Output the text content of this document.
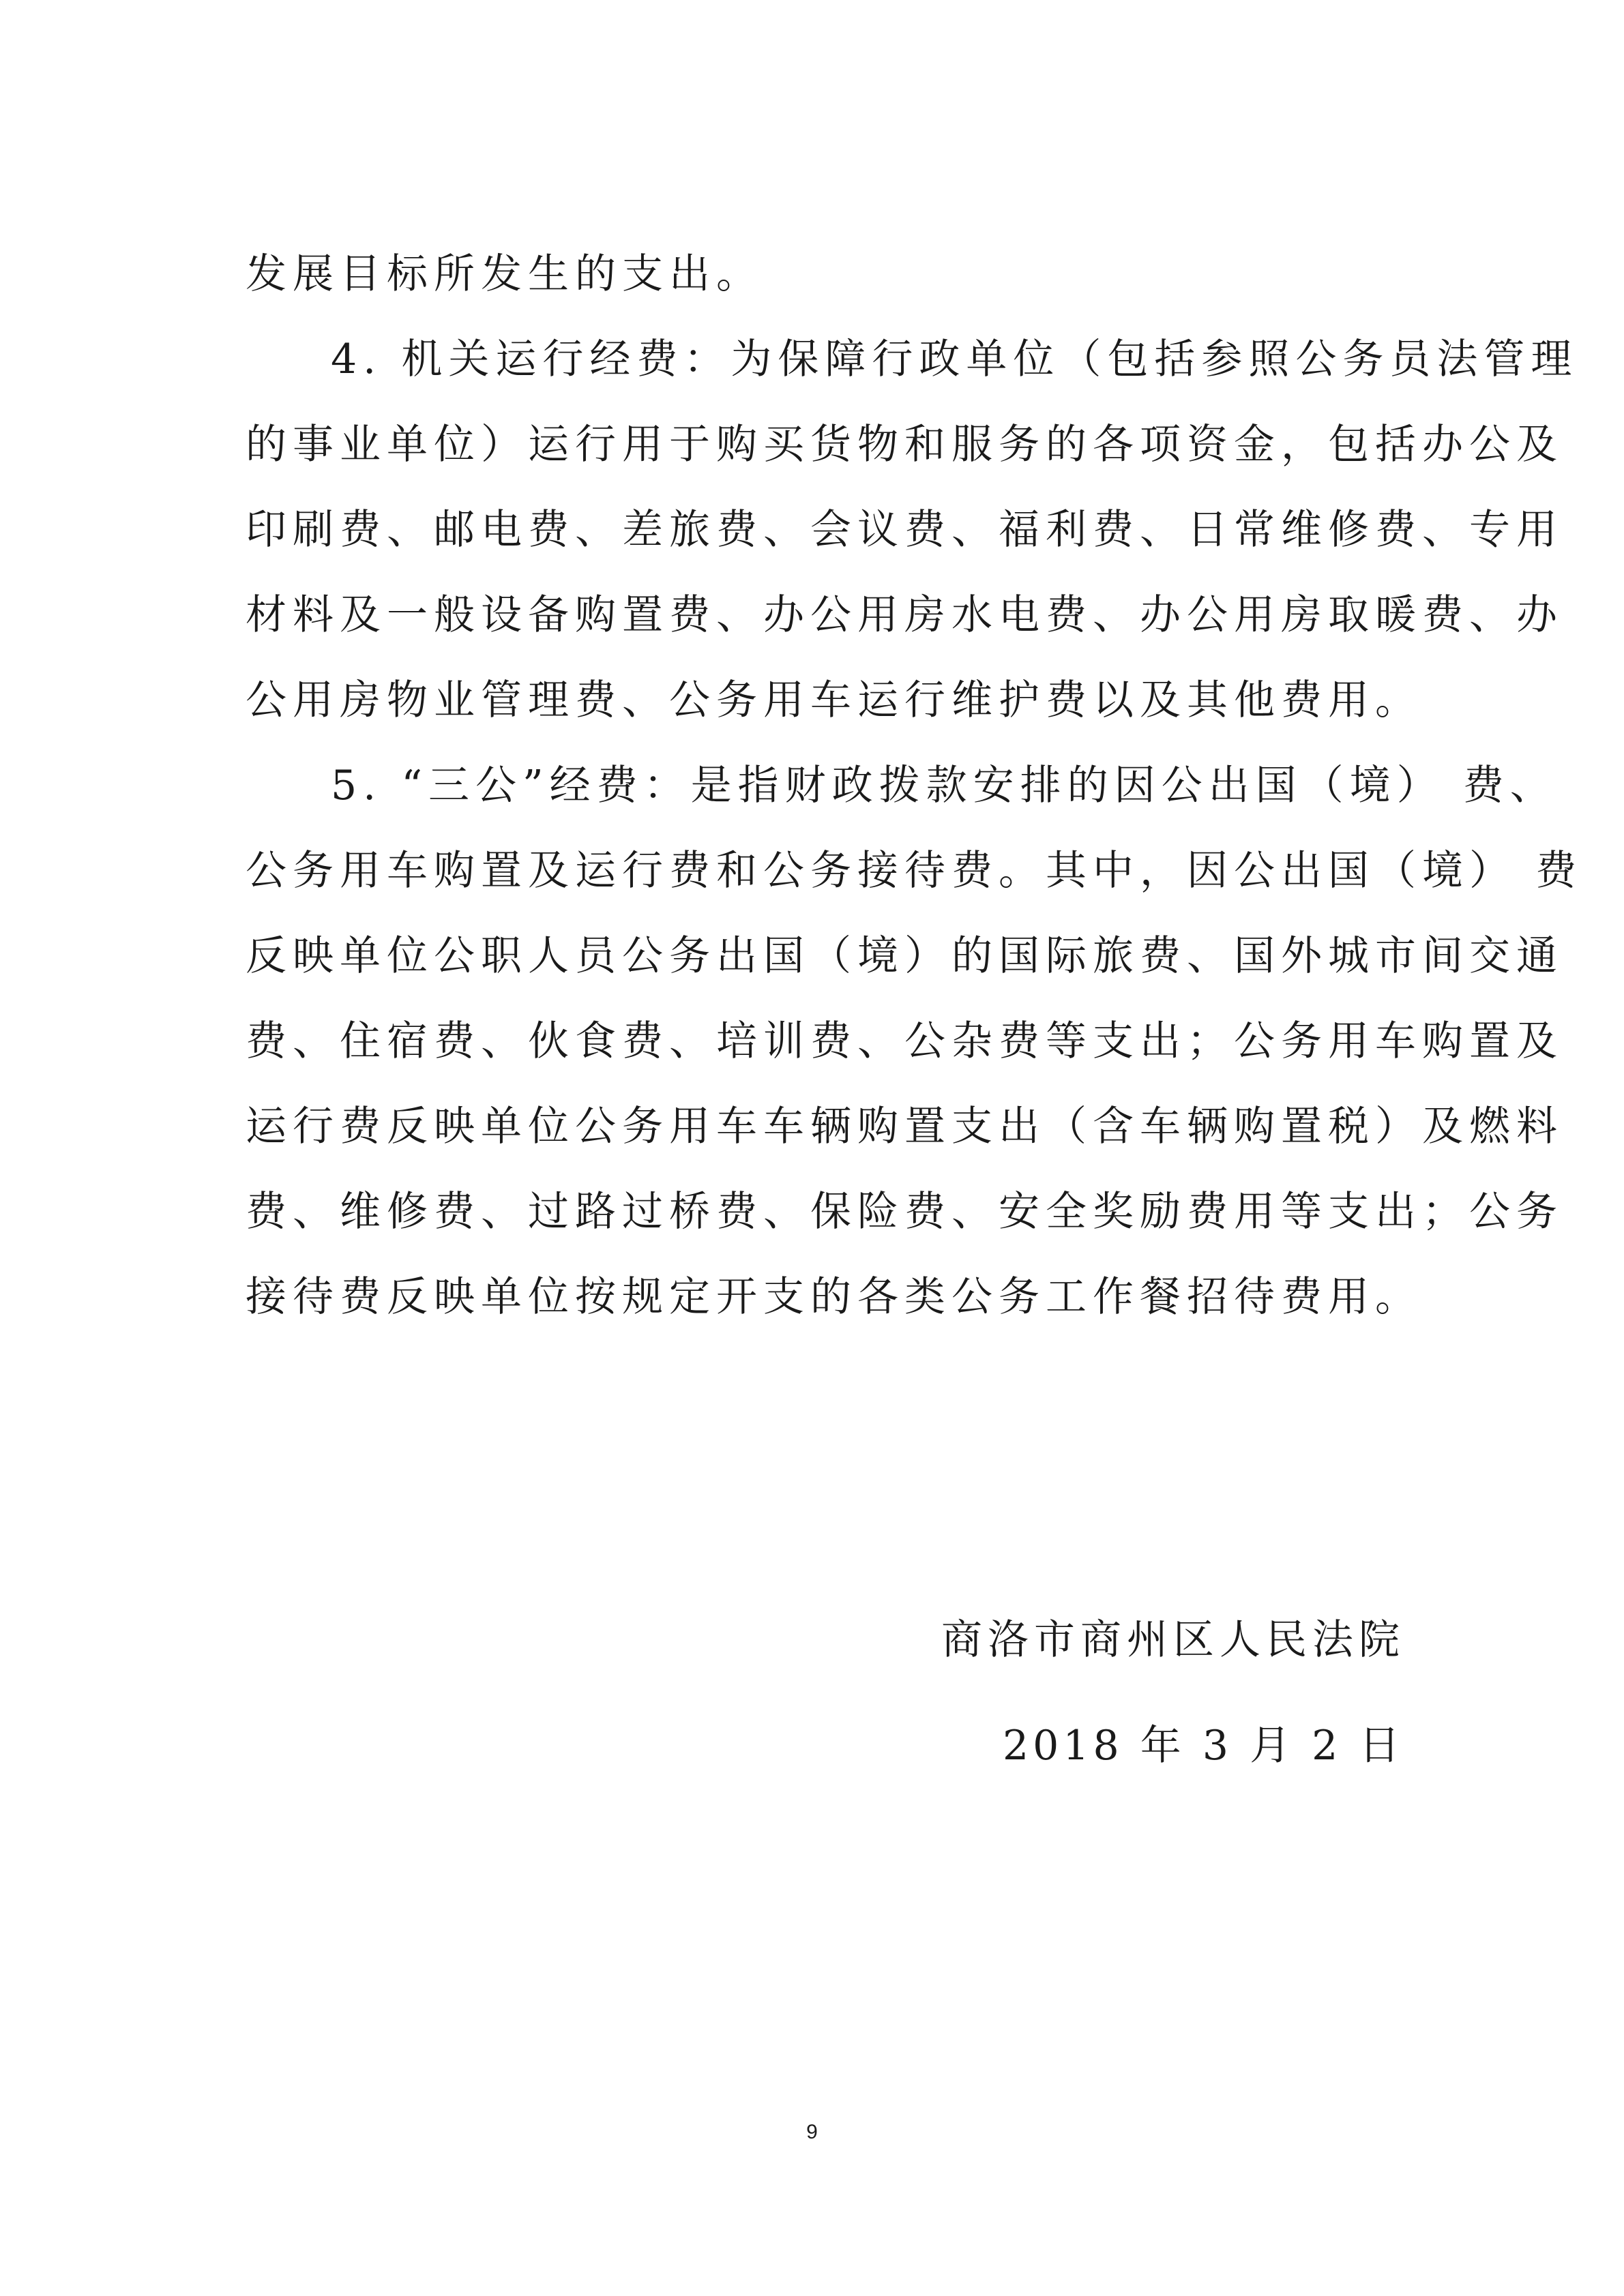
发展目标所发生的支出。
4. 机关运行经费：为保障行政单位（包括参照公务员法管理
的事业单位）运行用于购买货物和服务的各项资金，包括办公及
印刷费、邮电费、差旅费、会议费、福利费、日常维修费、专用
材料及一般设备购置费、办公用房水电费、办公用房取暖费、办
公用房物业管理费、公务用车运行维护费以及其他费用。
5. “三公”经费：是指财政拨款安排的因公出国（境） 费、
公务用车购置及运行费和公务接待费。其中，因公出国（境） 费
反映单位公职人员公务出国（境）的国际旅费、国外城市间交通
费、住宿费、伙食费、培训费、公杂费等支出；公务用车购置及
运行费反映单位公务用车车辆购置支出（含车辆购置税）及燃料
费、维修费、过路过桥费、保险费、安全奖励费用等支出；公务
接待费反映单位按规定开支的各类公务工作餐招待费用。
商洛市商州区人民法院
2018 年 3 月 2 日
9
